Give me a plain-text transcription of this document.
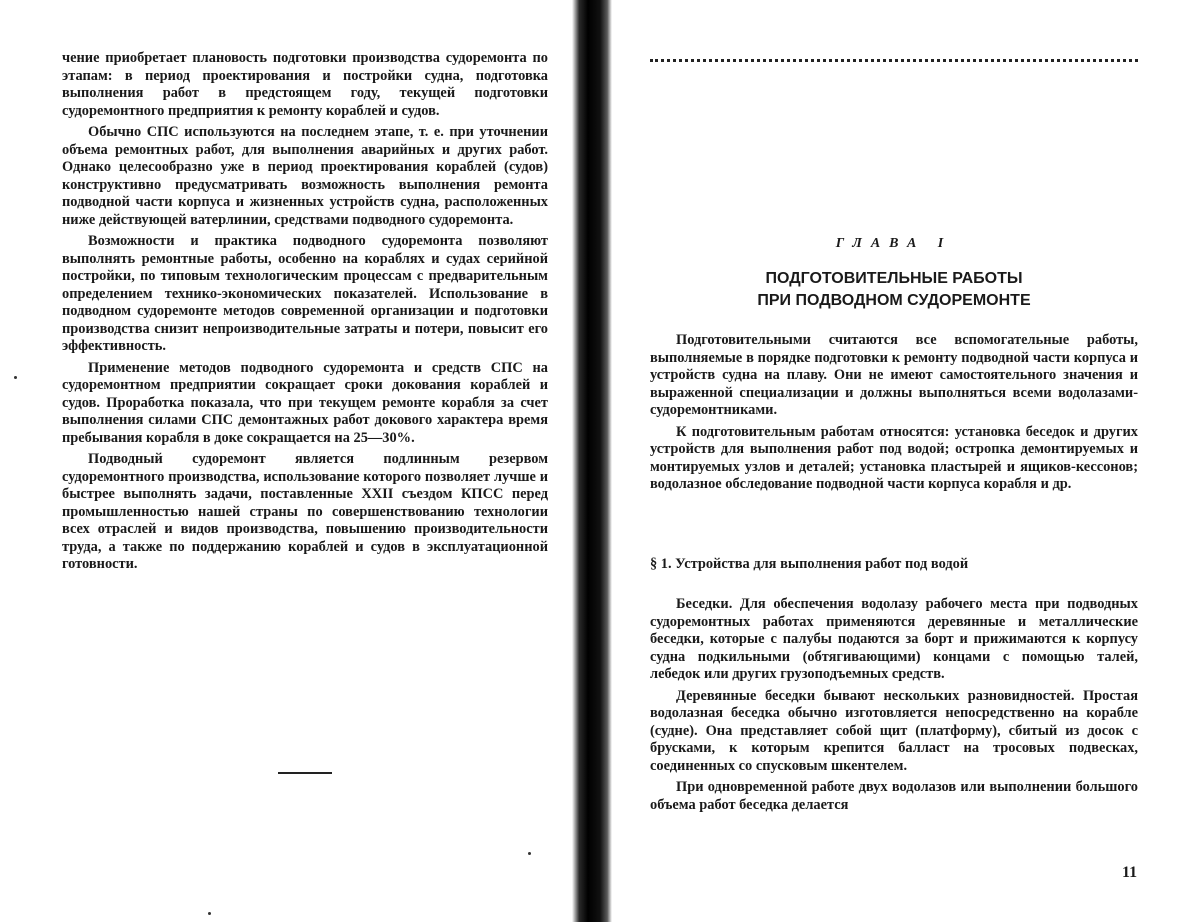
чение приобретает плановость подготовки производства судоремонта по этапам: в период проектирования и постройки судна, подготовка выполнения работ в предстоящем году, текущей подготовки судоремонтного предприятия к ремонту кораблей и судов.

Обычно СПС используются на последнем этапе, т. е. при уточнении объема ремонтных работ, для выполнения аварийных и других работ. Однако целесообразно уже в период проектирования кораблей (судов) конструктивно предусматривать возможность выполнения ремонта подводной части корпуса и жизненных устройств судна, расположенных ниже действующей ватерлинии, средствами подводного судоремонта.

Возможности и практика подводного судоремонта позволяют выполнять ремонтные работы, особенно на кораблях и судах серийной постройки, по типовым технологическим процессам с предварительным определением технико-экономических показателей. Использование в подводном судоремонте методов современной организации и подготовки производства снизит непроизводительные затраты и потери, повысит его эффективность.

Применение методов подводного судоремонта и средств СПС на судоремонтном предприятии сокращает сроки докования кораблей и судов. Проработка показала, что при текущем ремонте корабля за счет выполнения силами СПС демонтажных работ докового характера время пребывания корабля в доке сокращается на 25—30%.

Подводный судоремонт является подлинным резервом судоремонтного производства, использование которого позволяет лучше и быстрее выполнять задачи, поставленные XXII съездом КПСС перед промышленностью нашей страны по совершенствованию технологии всех отраслей и видов производства, повышению производительности труда, а также по поддержанию кораблей и судов в эксплуатационной готовности.

ГЛАВА I
ПОДГОТОВИТЕЛЬНЫЕ РАБОТЫ
ПРИ ПОДВОДНОМ СУДОРЕМОНТЕ

Подготовительными считаются все вспомогательные работы, выполняемые в порядке подготовки к ремонту подводной части корпуса и устройств судна на плаву. Они не имеют самостоятельного значения и выраженной специализации и должны выполняться всеми водолазами-судоремонтниками.

К подготовительным работам относятся: установка беседок и других устройств для выполнения работ под водой; остропка демонтируемых и монтируемых узлов и деталей; установка пластырей и ящиков-кессонов; водолазное обследование подводной части корпуса корабля и др.

§ 1. Устройства для выполнения работ под водой

Беседки. Для обеспечения водолазу рабочего места при подводных судоремонтных работах применяются деревянные и металлические беседки, которые с палубы подаются за борт и прижимаются к корпусу судна подкильными (обтягивающими) концами с помощью талей, лебедок или других грузоподъемных средств.

Деревянные беседки бывают нескольких разновидностей. Простая водолазная беседка обычно изготовляется непосредственно на корабле (судне). Она представляет собой щит (платформу), сбитый из досок с брусками, к которым крепится балласт на тросовых подвесках, соединенных со спусковым шкентелем.

При одновременной работе двух водолазов или выполнении большого объема работ беседка делается

11
